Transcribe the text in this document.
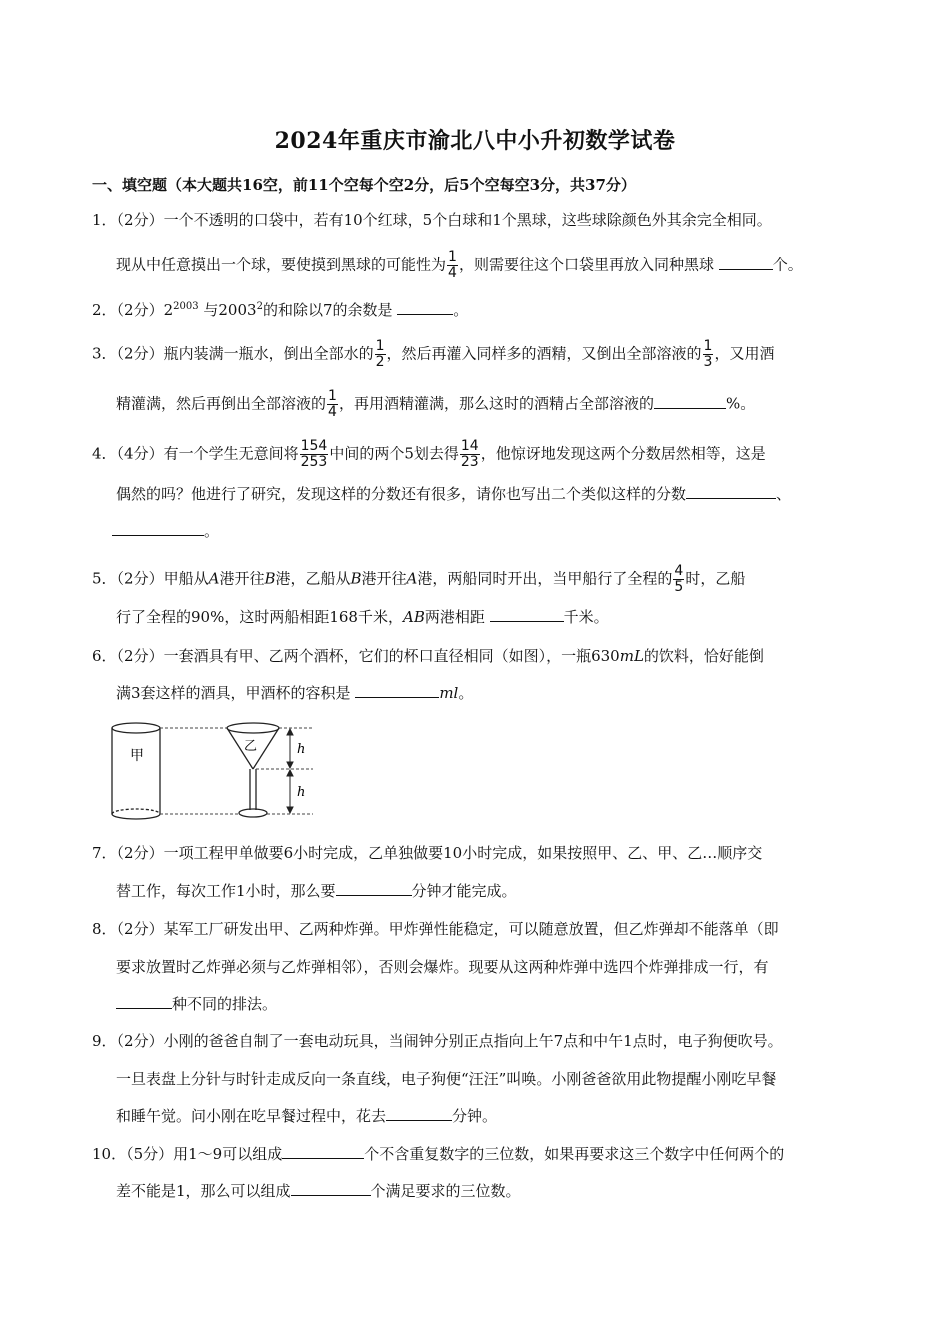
2024年重庆市渝北八中小升初数学试卷
一、填空题（本大题共16空，前11个空每个空2分，后5个空每空3分，共37分）
1．（2分）一个不透明的口袋中，若有10个红球，5个白球和1个黑球，这些球除颜色外其余完全相同。
现从中任意摸出一个球，要使摸到黑球的可能性为 $\frac{1}{4}$ ，则需要往这个口袋里再放入同种黑球	个。
2．（2分）$2^{2003}$ 与2003$^2$的和除以7的余数是	。
3．（2分）瓶内装满一瓶水，倒出全部水的 $\frac{1}{2}$ ，然后再灌入同样多的酒精，又倒出全部溶液的 $\frac{1}{3}$ ，又用酒
精灌满，然后再倒出全部溶液的 $\frac{1}{4}$ ，再用酒精灌满，那么这时的酒精占全部溶液的	%。
4．（4分）有一个学生无意间将 $\frac{154}{253}$ 中间的两个5划去得 $\frac{14}{23}$ ，他惊讶地发现这两个分数居然相等，这是
偶然的吗？他进行了研究，发现这样的分数还有很多，请你也写出二个类似这样的分数	、
。
5．（2分）甲船从A港开往B港，乙船从B港开往A港，两船同时开出，当甲船行了全程的 $\frac{4}{5}$ 时，乙船
行了全程的90%，这时两船相距168千米，AB两港相距	千米。
6．（2分）一套酒具有甲、乙两个酒杯，它们的杯口直径相同（如图），一瓶630mL的饮料，恰好能倒
满3套这样的酒具，甲酒杯的容积是	ml。
甲
乙	h
h
7．（2分）一项工程甲单做要6小时完成，乙单独做要10小时完成，如果按照甲、乙、甲、乙…顺序交
替工作，每次工作1小时，那么要	分钟才能完成。
8．（2分）某军工厂研发出甲、乙两种炸弹。甲炸弹性能稳定，可以随意放置，但乙炸弹却不能落单（即
要求放置时乙炸弹必须与乙炸弹相邻），否则会爆炸。现要从这两种炸弹中选四个炸弹排成一行，有
种不同的排法。
9．（2分）小刚的爸爸自制了一套电动玩具，当闹钟分别正点指向上午7点和中午1点时，电子狗便吹号。
一旦表盘上分针与时针走成反向一条直线，电子狗便“汪汪”叫唤。小刚爸爸欲用此物提醒小刚吃早餐
和睡午觉。问小刚在吃早餐过程中，花去	分钟。
10．（5分）用1～9可以组成	个不含重复数字的三位数，如果再要求这三个数字中任何两个的
差不能是1，那么可以组成	个满足要求的三位数。
